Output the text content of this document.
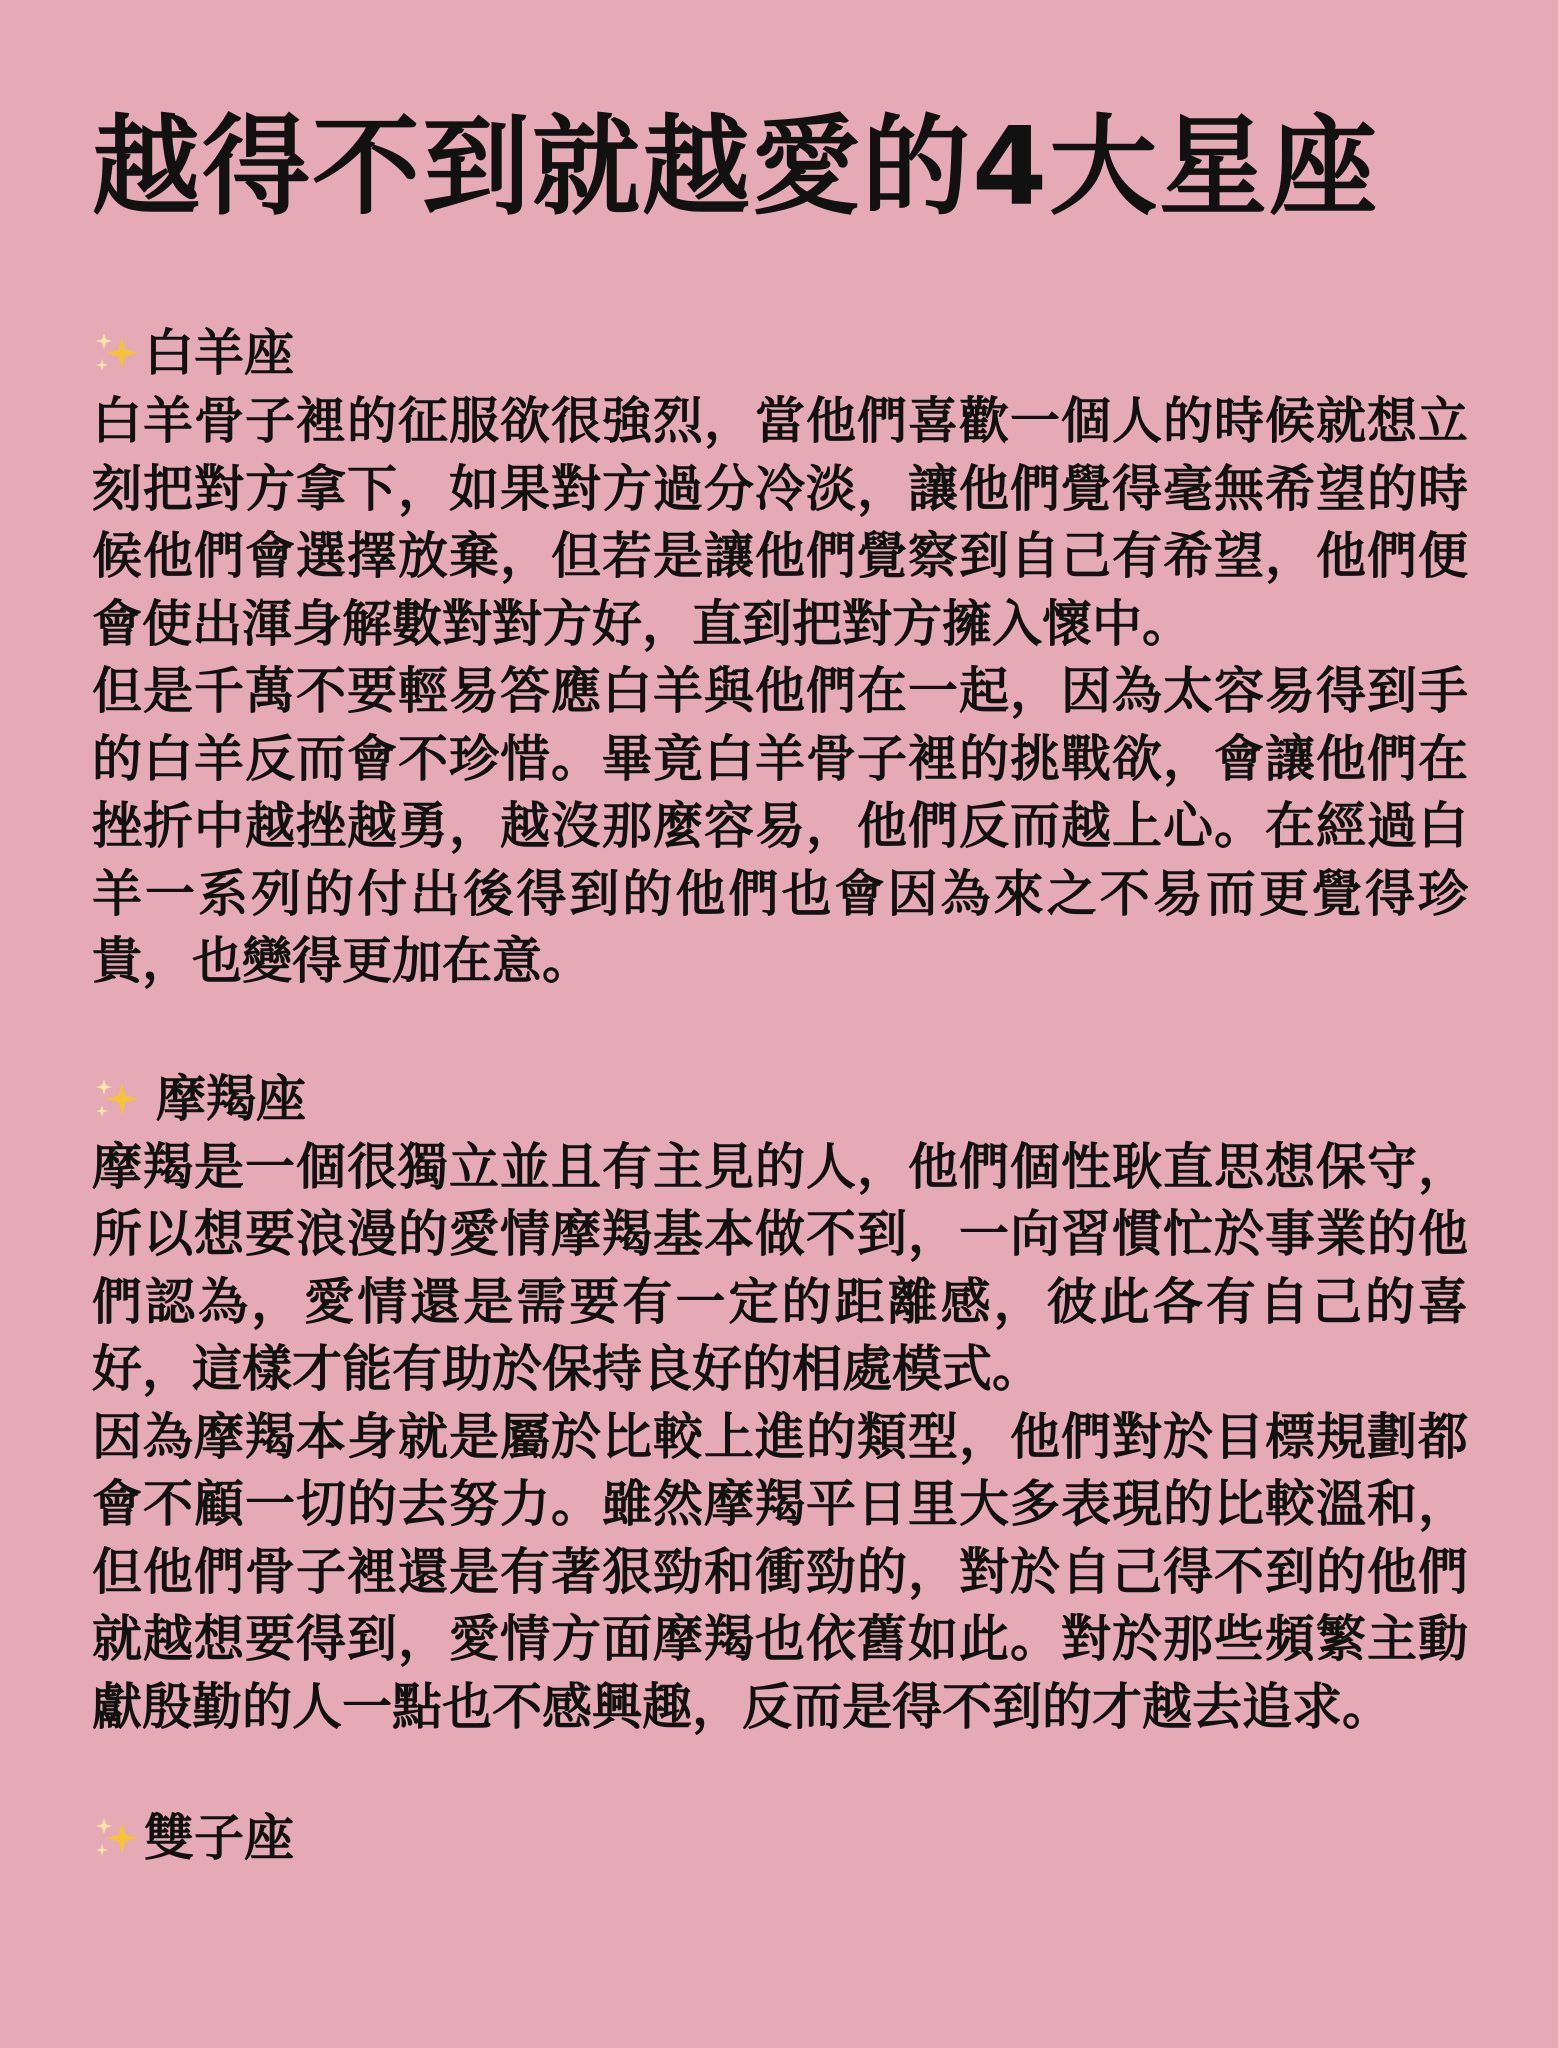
越得不到就越愛的4大星座
白羊座

白羊骨子裡的征服欲很強烈，當他們喜歡一個人的時候就想立刻把對方拿下，如果對方過分冷淡，讓他們覺得毫無希望的時候他們會選擇放棄，但若是讓他們覺察到自己有希望，他們便會使出渾身解數對對方好，直到把對方擁入懷中。

但是千萬不要輕易答應白羊與他們在一起，因為太容易得到手的白羊反而會不珍惜。畢竟白羊骨子裡的挑戰欲，會讓他們在挫折中越挫越勇，越沒那麼容易，他們反而越上心。在經過白羊一系列的付出後得到的他們也會因為來之不易而更覺得珍貴，也變得更加在意。

摩羯座

摩羯是一個很獨立並且有主見的人，他們個性耿直思想保守，所以想要浪漫的愛情摩羯基本做不到，一向習慣忙於事業的他們認為，愛情還是需要有一定的距離感，彼此各有自己的喜好，這樣才能有助於保持良好的相處模式。

因為摩羯本身就是屬於比較上進的類型，他們對於目標規劃都會不顧一切的去努力。雖然摩羯平日里大多表現的比較溫和，但他們骨子裡還是有著狠勁和衝勁的，對於自己得不到的他們就越想要得到，愛情方面摩羯也依舊如此。對於那些頻繁主動獻殷勤的人一點也不感興趣，反而是得不到的才越去追求。

雙子座
